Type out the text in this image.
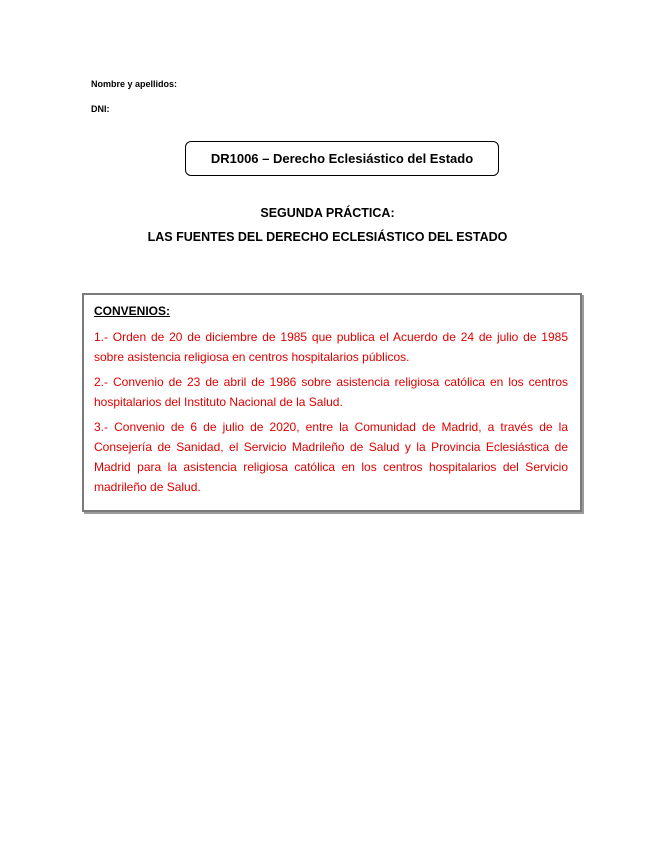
Nombre y apellidos:
DNI:
DR1006 – Derecho Eclesiástico del Estado
SEGUNDA PRÁCTICA:
LAS FUENTES DEL DERECHO ECLESIÁSTICO DEL ESTADO

CONVENIOS:

1.- Orden de 20 de diciembre de 1985 que publica el Acuerdo de 24 de julio de 1985 sobre asistencia religiosa en centros hospitalarios públicos.

2.- Convenio de 23 de abril de 1986 sobre asistencia religiosa católica en los centros hospitalarios del Instituto Nacional de la Salud.

3.- Convenio de 6 de julio de 2020, entre la Comunidad de Madrid, a través de la Consejería de Sanidad, el Servicio Madrileño de Salud y la Provincia Eclesiástica de Madrid para la asistencia religiosa católica en los centros hospitalarios del Servicio madrileño de Salud.
